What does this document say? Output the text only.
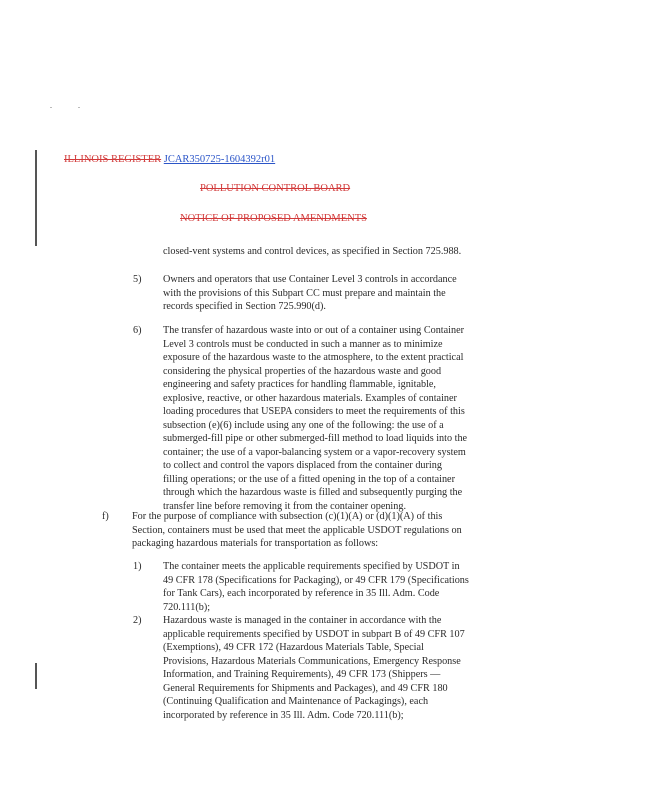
ILLINOIS REGISTER JCAR350725-1604392r01
POLLUTION CONTROL BOARD
NOTICE OF PROPOSED AMENDMENTS
closed-vent systems and control devices, as specified in Section 725.988.
5) Owners and operators that use Container Level 3 controls in accordance
with the provisions of this Subpart CC must prepare and maintain the
records specified in Section 725.990(d).
6) The transfer of hazardous waste into or out of a container using Container
Level 3 controls must be conducted in such a manner as to minimize
exposure of the hazardous waste to the atmosphere, to the extent practical
considering the physical properties of the hazardous waste and good
engineering and safety practices for handling flammable, ignitable,
explosive, reactive, or other hazardous materials. Examples of container
loading procedures that USEPA considers to meet the requirements of this
subsection (e)(6) include using any one of the following: the use of a
submerged-fill pipe or other submerged-fill method to load liquids into the
container; the use of a vapor-balancing system or a vapor-recovery system
to collect and control the vapors displaced from the container during
filling operations; or the use of a fitted opening in the top of a container
through which the hazardous waste is filled and subsequently purging the
transfer line before removing it from the container opening.
f) For the purpose of compliance with subsection (c)(1)(A) or (d)(1)(A) of this
Section, containers must be used that meet the applicable USDOT regulations on
packaging hazardous materials for transportation as follows:
1) The container meets the applicable requirements specified by USDOT in
49 CFR 178 (Specifications for Packaging), or 49 CFR 179 (Specifications
for Tank Cars), each incorporated by reference in 35 Ill. Adm. Code
720.111(b);
2) Hazardous waste is managed in the container in accordance with the
applicable requirements specified by USDOT in subpart B of 49 CFR 107
(Exemptions), 49 CFR 172 (Hazardous Materials Table, Special
Provisions, Hazardous Materials Communications, Emergency Response
Information, and Training Requirements), 49 CFR 173 (Shippers —
General Requirements for Shipments and Packages), and 49 CFR 180
(Continuing Qualification and Maintenance of Packagings), each
incorporated by reference in 35 Ill. Adm. Code 720.111(b);
